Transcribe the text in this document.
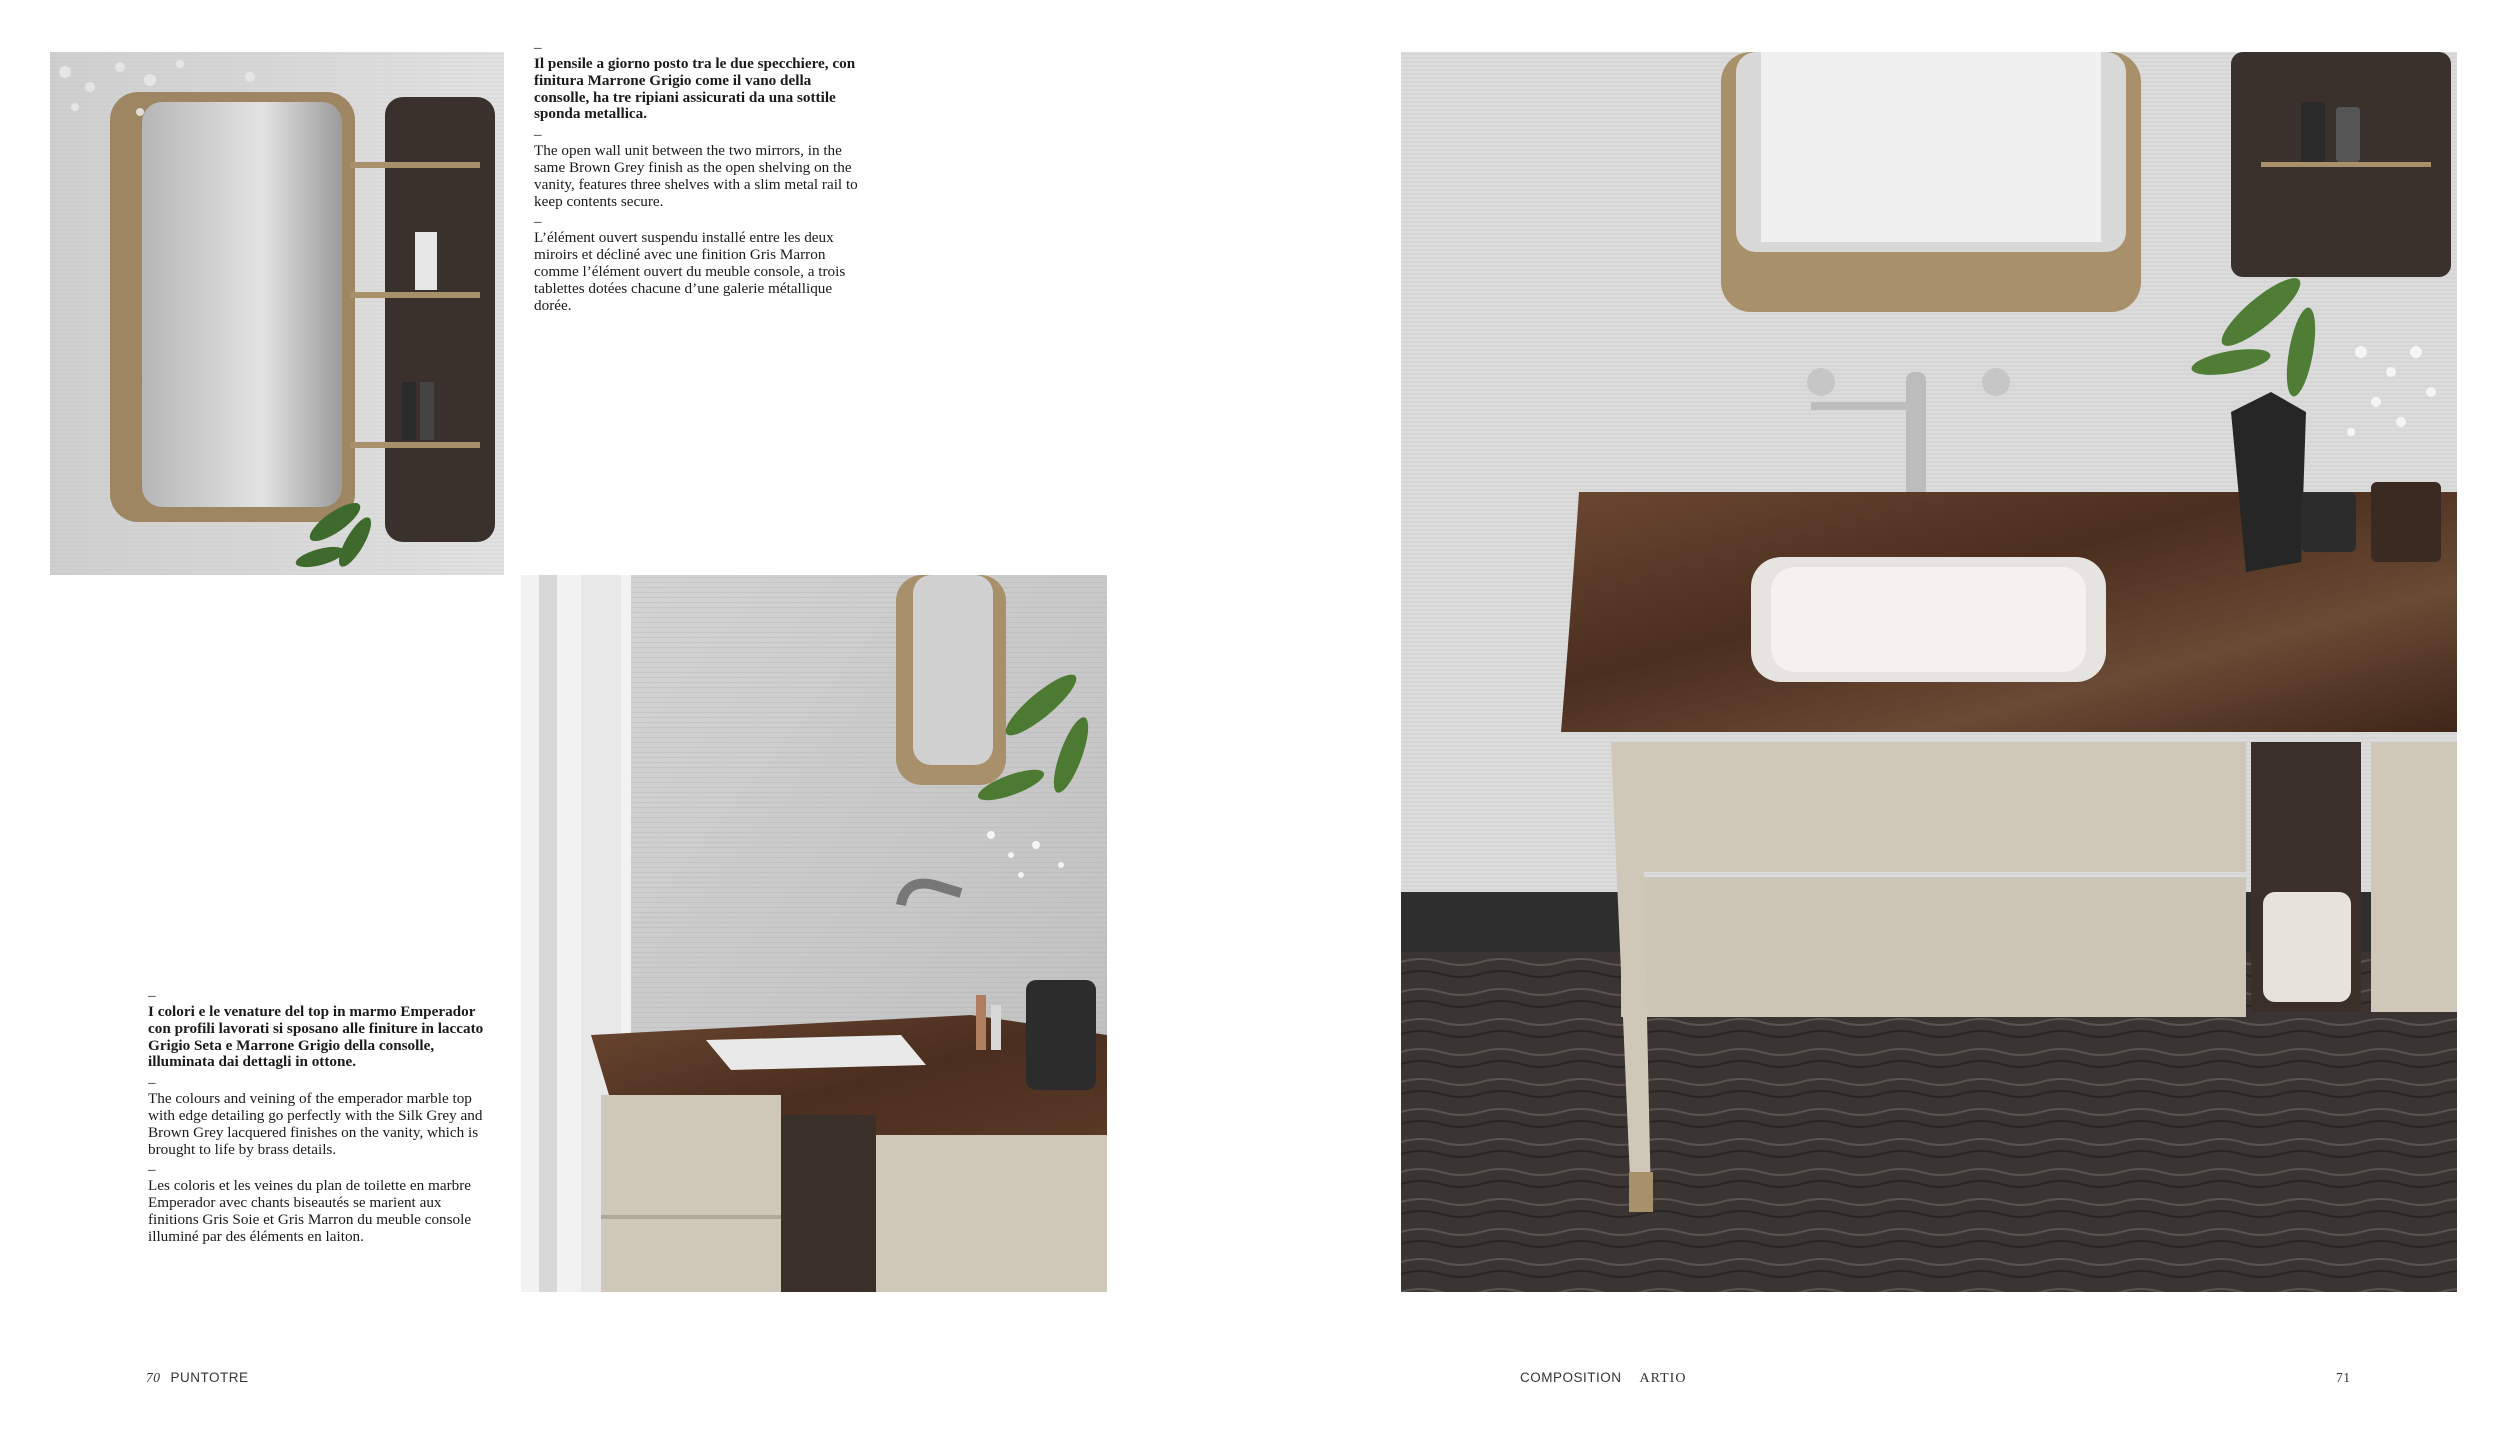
–

Il pensile a giorno posto tra le due specchiere, con finitura Marrone Grigio come il vano della consolle, ha tre ripiani assicurati da una sottile sponda metallica.

–

The open wall unit between the two mirrors, in the same Brown Grey finish as the open shelving on the vanity, features three shelves with a slim metal rail to keep contents secure.

–

L’élément ouvert suspendu installé entre les deux miroirs et décliné avec une finition Gris Marron comme l’élément ouvert du meuble console, a trois tablettes dotées chacune d’une galerie métallique dorée.

–

I colori e le venature del top in marmo Emperador con profili lavorati si sposano alle finiture in laccato Grigio Seta e Marrone Grigio della consolle, illuminata dai dettagli in ottone.

–

The colours and veining of the emperador marble top with edge detailing go perfectly with the Silk Grey and Brown Grey lacquered finishes on the vanity, which is brought to life by brass details.

–

Les coloris et les veines du plan de toilette en marbre Emperador avec chants biseautés se marient aux finitions Gris Soie et Gris Marron du meuble console illuminé par des éléments en laiton.

70 PUNTOTRE	COMPOSITION ARTIO	71
